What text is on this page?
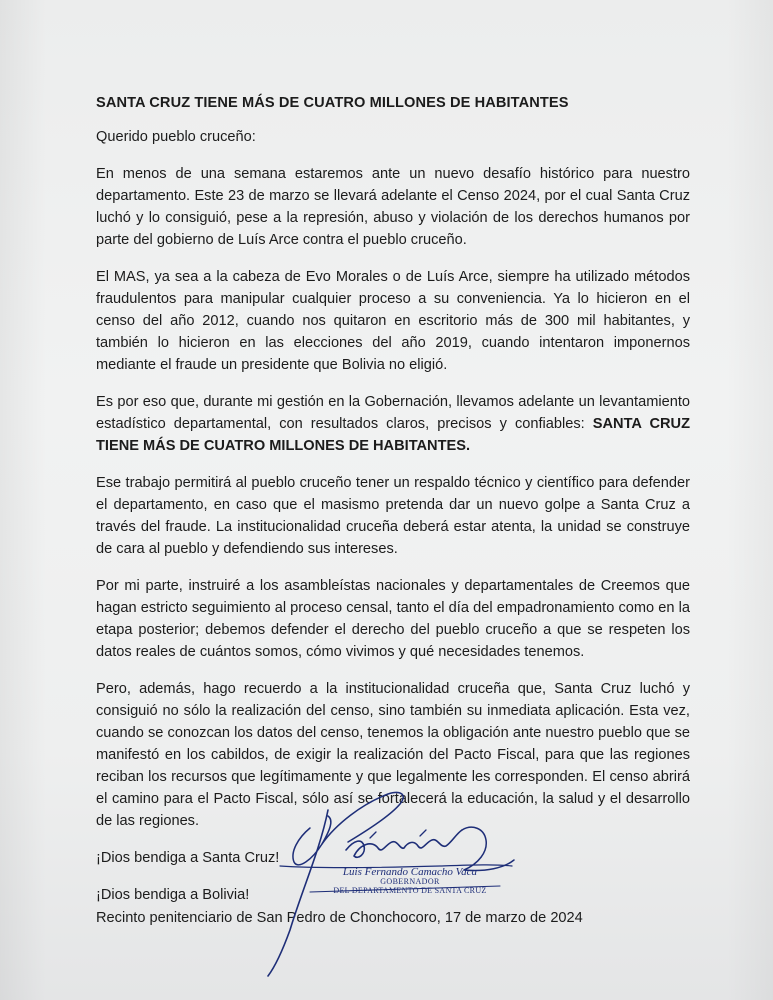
SANTA CRUZ TIENE MÁS DE CUATRO MILLONES DE HABITANTES
Querido pueblo cruceño:
En menos de una semana estaremos ante un nuevo desafío histórico para nuestro departamento. Este 23 de marzo se llevará adelante el Censo 2024, por el cual Santa Cruz luchó y lo consiguió, pese a la represión, abuso y violación de los derechos humanos por parte del gobierno de Luís Arce contra el pueblo cruceño.
El MAS, ya sea a la cabeza de Evo Morales o de Luís Arce, siempre ha utilizado métodos fraudulentos para manipular cualquier proceso a su conveniencia. Ya lo hicieron en el censo del año 2012, cuando nos quitaron en escritorio más de 300 mil habitantes, y también lo hicieron en las elecciones del año 2019, cuando intentaron imponernos mediante el fraude un presidente que Bolivia no eligió.
Es por eso que, durante mi gestión en la Gobernación, llevamos adelante un levantamiento estadístico departamental, con resultados claros, precisos y confiables: SANTA CRUZ TIENE MÁS DE CUATRO MILLONES DE HABITANTES.
Ese trabajo permitirá al pueblo cruceño tener un respaldo técnico y científico para defender el departamento, en caso que el masismo pretenda dar un nuevo golpe a Santa Cruz a través del fraude. La institucionalidad cruceña deberá estar atenta, la unidad se construye de cara al pueblo y defendiendo sus intereses.
Por mi parte, instruiré a los asambleístas nacionales y departamentales de Creemos que hagan estricto seguimiento al proceso censal, tanto el día del empadronamiento como en la etapa posterior; debemos defender el derecho del pueblo cruceño a que se respeten los datos reales de cuántos somos, cómo vivimos y qué necesidades tenemos.
Pero, además, hago recuerdo a la institucionalidad cruceña que, Santa Cruz luchó y consiguió no sólo la realización del censo, sino también su inmediata aplicación. Esta vez, cuando se conozcan los datos del censo, tenemos la obligación ante nuestro pueblo que se manifestó en los cabildos, de exigir la realización del Pacto Fiscal, para que las regiones reciban los recursos que legítimamente y que legalmente les corresponden. El censo abrirá el camino para el Pacto Fiscal, sólo así se fortalecerá la educación, la salud y el desarrollo de las regiones.
¡Dios bendiga a Santa Cruz!
¡Dios bendiga a Bolivia!
Luis Fernando Camacho Vaca
GOBERNADOR
DEL DEPARTAMENTO DE SANTA CRUZ
Recinto penitenciario de San Pedro de Chonchocoro, 17 de marzo de 2024
